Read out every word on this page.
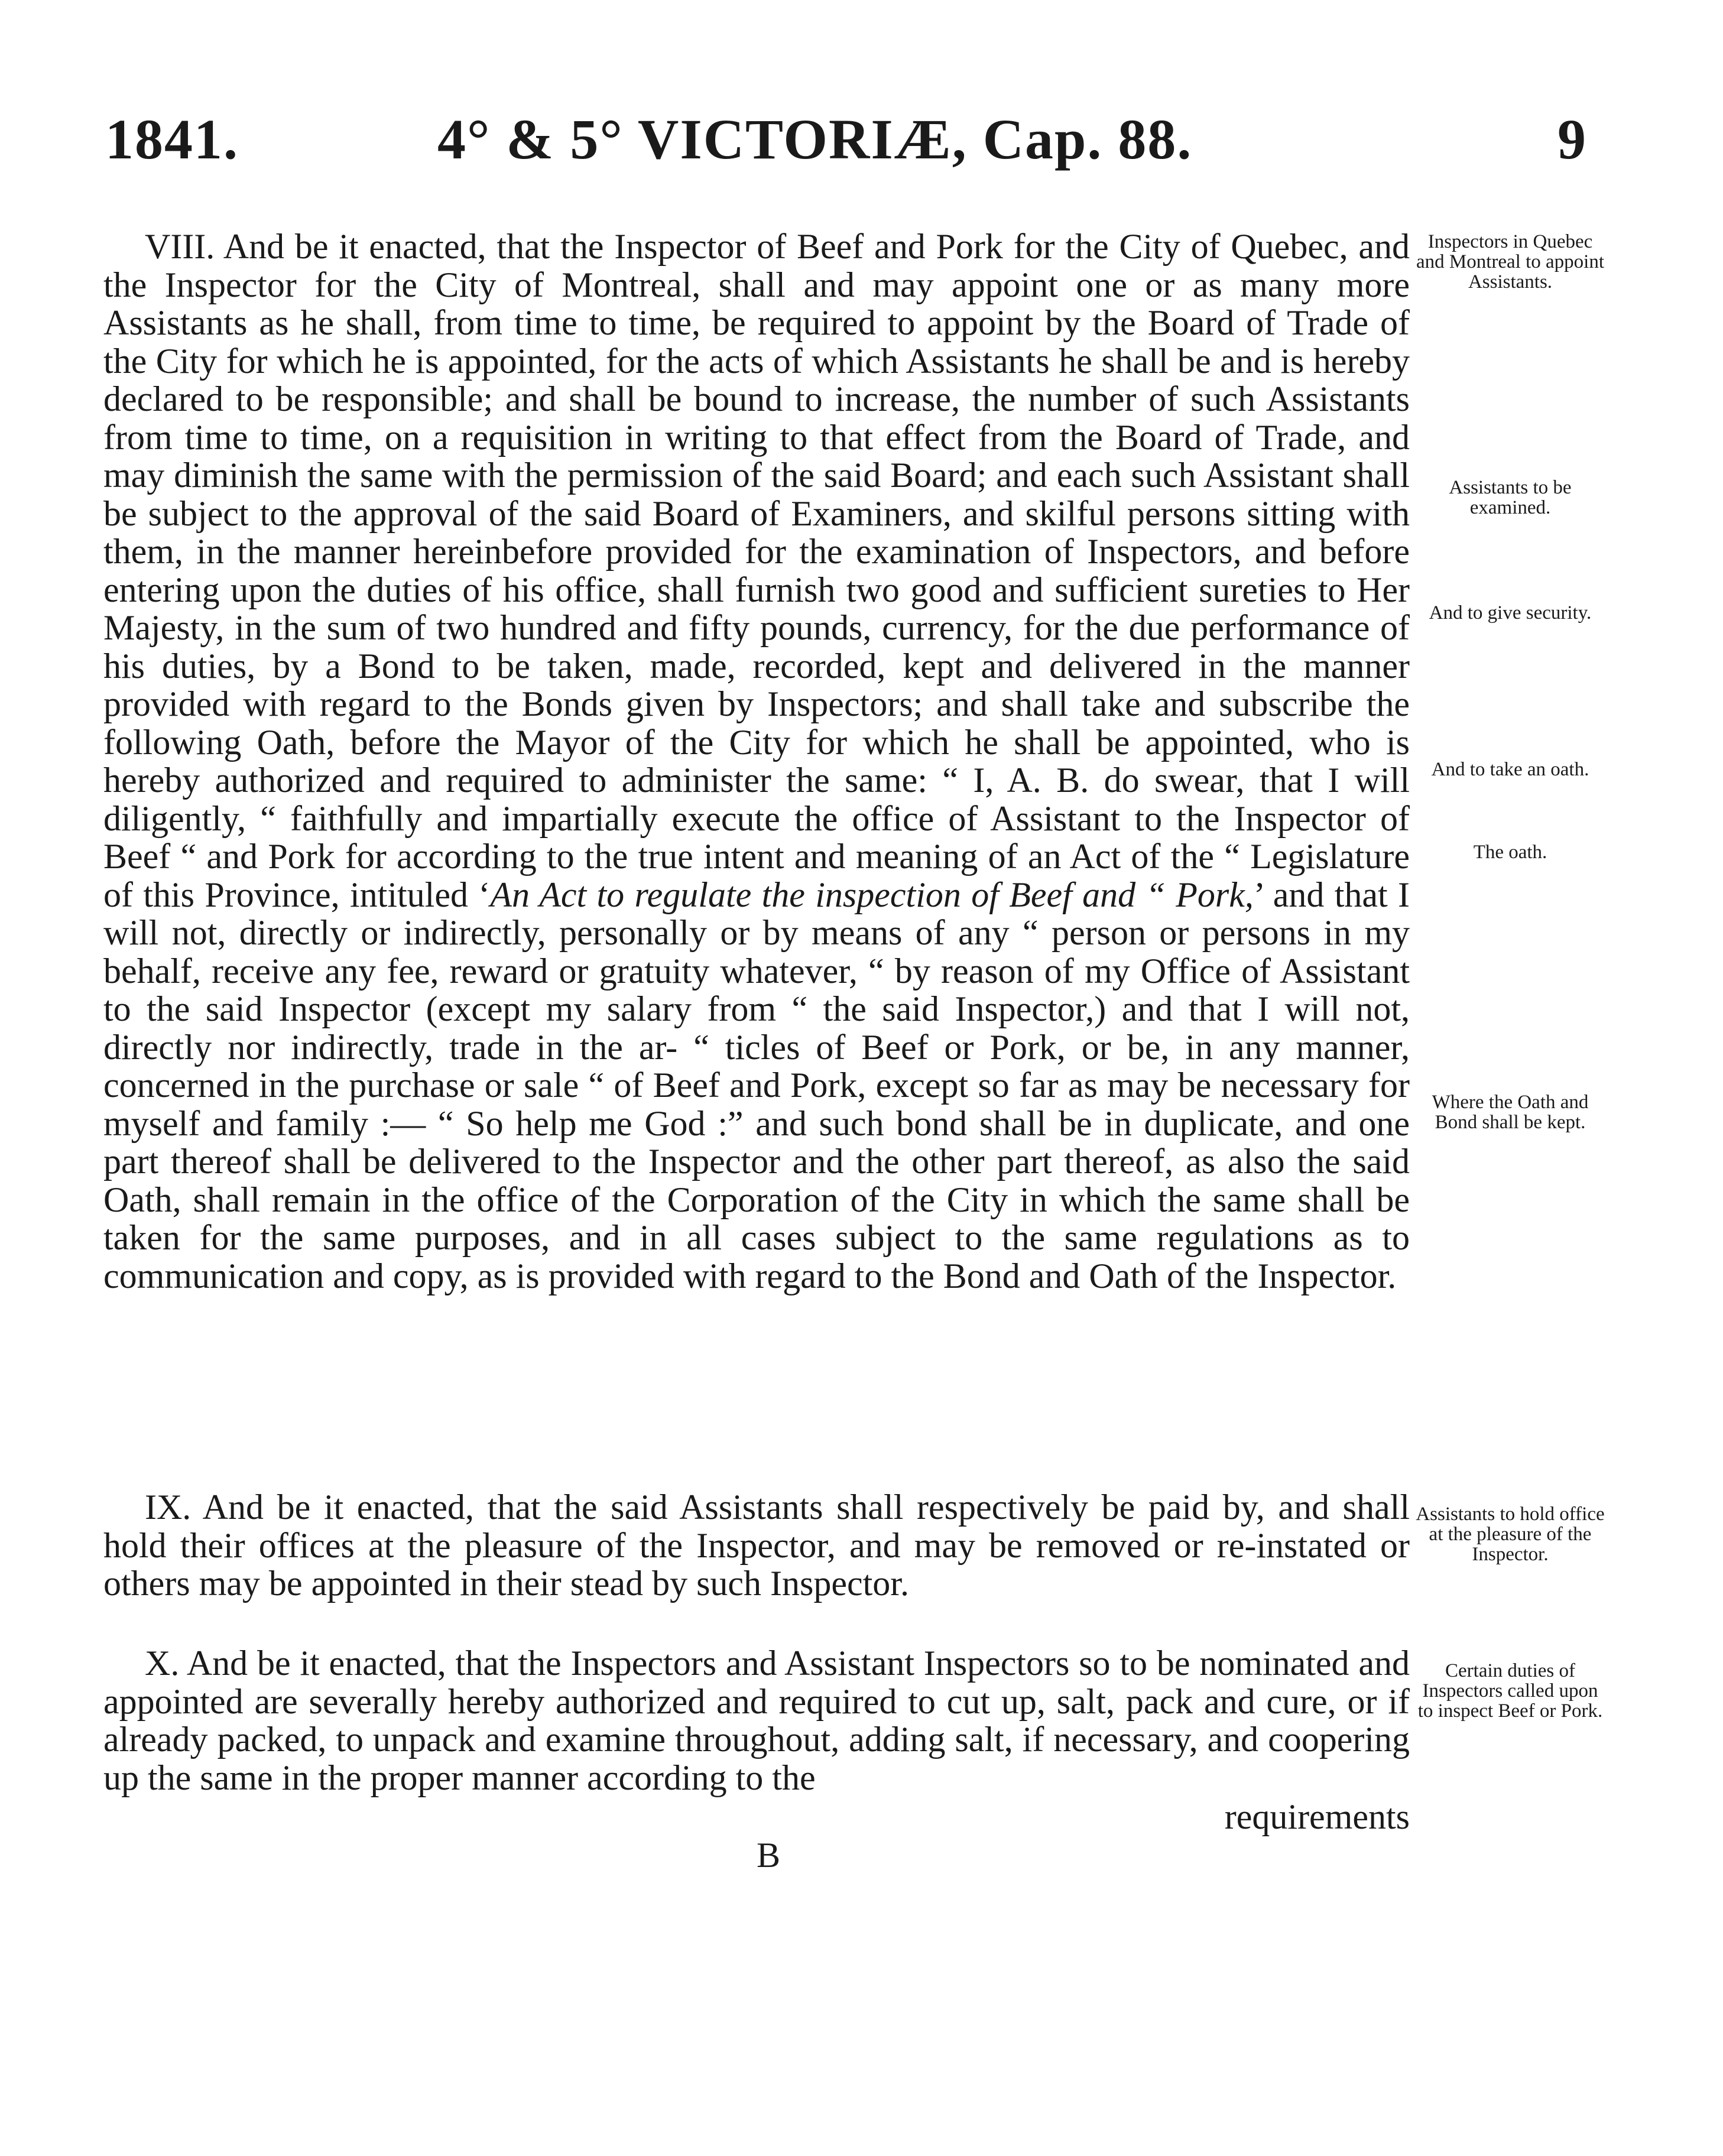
1841.	4° & 5° VICTORIÆ, Cap. 88.	9

VIII. And be it enacted, that the Inspector of Beef and Pork for the City of Quebec, and the Inspector for the City of Montreal, shall and may appoint one or as many more Assistants as he shall, from time to time, be required to appoint by the Board of Trade of the City for which he is appointed, for the acts of which Assistants he shall be and is hereby declared to be responsible; and shall be bound to increase, the number of such Assistants from time to time, on a requisition in writing to that effect from the Board of Trade, and may diminish the same with the permission of the said Board; and each such Assistant shall be subject to the approval of the said Board of Examiners, and skilful persons sitting with them, in the manner hereinbefore provided for the examination of Inspectors, and before entering upon the duties of his office, shall furnish two good and sufficient sureties to Her Majesty, in the sum of two hundred and fifty pounds, currency, for the due performance of his duties, by a Bond to be taken, made, recorded, kept and delivered in the manner provided with regard to the Bonds given by Inspectors; and shall take and subscribe the following Oath, before the Mayor of the City for which he shall be appointed, who is hereby authorized and required to administer the same: “ I, A. B. do swear, that I will diligently, “ faithfully and impartially execute the office of Assistant to the Inspector of Beef “ and Pork for according to the true intent and meaning of an Act of the “ Legislature of this Province, intituled ‘An Act to regulate the inspection of Beef and “ Pork,’ and that I will not, directly or indirectly, personally or by means of any “ person or persons in my behalf, receive any fee, reward or gratuity whatever, “ by reason of my Office of Assistant to the said Inspector (except my salary from “ the said Inspector,) and that I will not, directly nor indirectly, trade in the ar- “ ticles of Beef or Pork, or be, in any manner, concerned in the purchase or sale “ of Beef and Pork, except so far as may be necessary for myself and family :— “ So help me God :” and such bond shall be in duplicate, and one part thereof shall be delivered to the Inspector and the other part thereof, as also the said Oath, shall remain in the office of the Corporation of the City in which the same shall be taken for the same purposes, and in all cases subject to the same regulations as to communication and copy, as is provided with regard to the Bond and Oath of the Inspector.

IX. And be it enacted, that the said Assistants shall respectively be paid by, and shall hold their offices at the pleasure of the Inspector, and may be removed or re-instated or others may be appointed in their stead by such Inspector.

X. And be it enacted, that the Inspectors and Assistant Inspectors so to be nominated and appointed are severally hereby authorized and required to cut up, salt, pack and cure, or if already packed, to unpack and examine throughout, adding salt, if necessary, and coopering up the same in the proper manner according to the

requirements
B
Inspectors in Quebec and Montreal to appoint Assistants.
Assistants to be examined.
And to give security.
And to take an oath.
The oath.
Where the Oath and Bond shall be kept.
Assistants to hold office at the pleasure of the Inspector.
Certain duties of Inspectors called upon to inspect Beef or Pork.
